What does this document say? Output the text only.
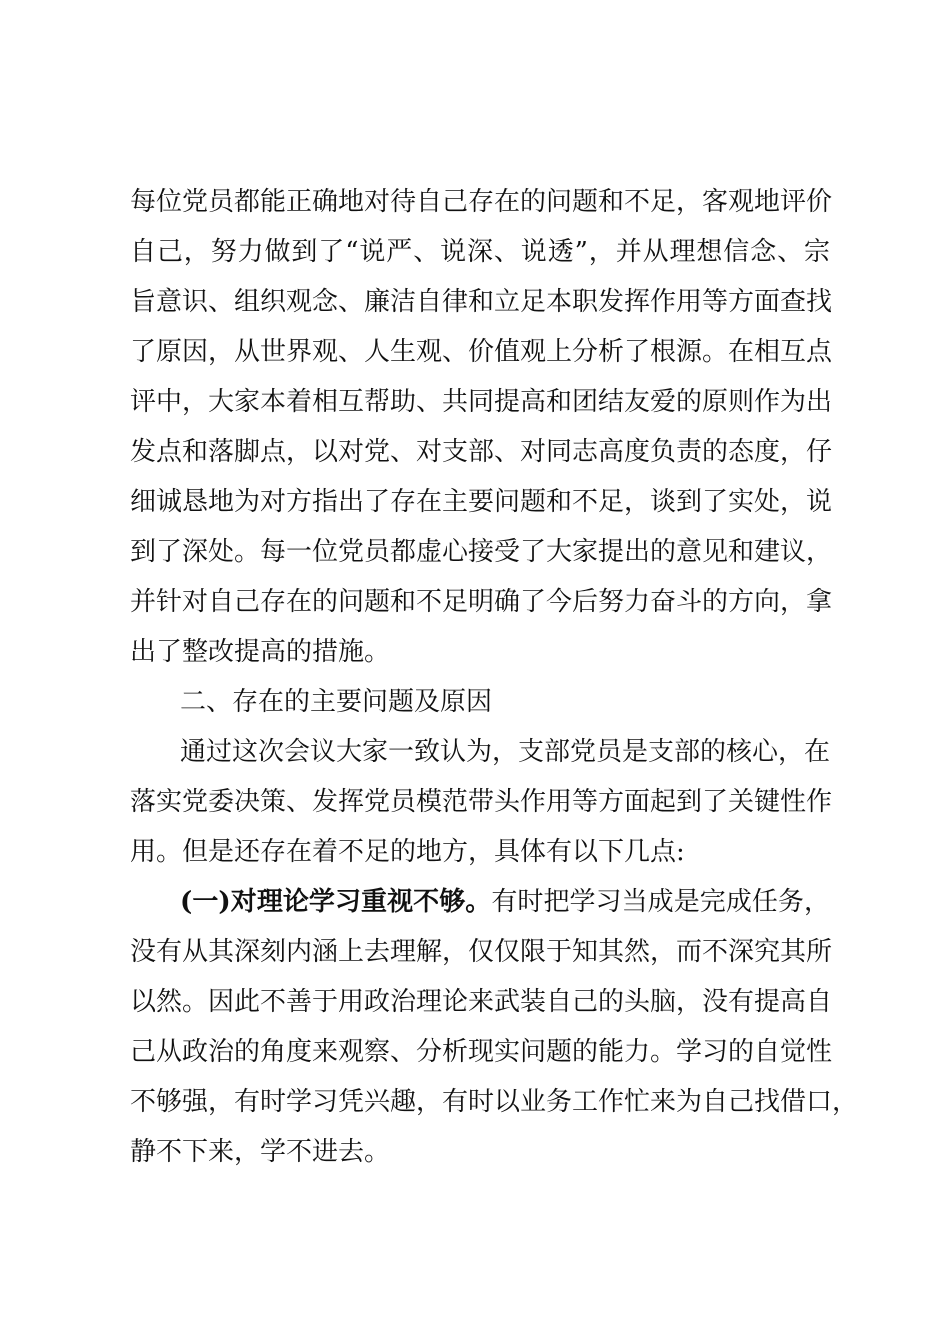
每位党员都能正确地对待自己存在的问题和不足，客观地评价
自己，努力做到了“说严、说深、说透”，并从理想信念、宗
旨意识、组织观念、廉洁自律和立足本职发挥作用等方面查找
了原因，从世界观、人生观、价值观上分析了根源。在相互点
评中，大家本着相互帮助、共同提高和团结友爱的原则作为出
发点和落脚点，以对党、对支部、对同志高度负责的态度，仔
细诚恳地为对方指出了存在主要问题和不足，谈到了实处，说
到了深处。每一位党员都虚心接受了大家提出的意见和建议，
并针对自己存在的问题和不足明确了今后努力奋斗的方向，拿
出了整改提高的措施。
二、存在的主要问题及原因
通过这次会议大家一致认为，支部党员是支部的核心，在
落实党委决策、发挥党员模范带头作用等方面起到了关键性作
用。但是还存在着不足的地方，具体有以下几点:
(一)对理论学习重视不够。有时把学习当成是完成任务，
没有从其深刻内涵上去理解，仅仅限于知其然，而不深究其所
以然。因此不善于用政治理论来武装自己的头脑，没有提高自
己从政治的角度来观察、分析现实问题的能力。学习的自觉性
不够强，有时学习凭兴趣，有时以业务工作忙来为自己找借口，
静不下来，学不进去。
